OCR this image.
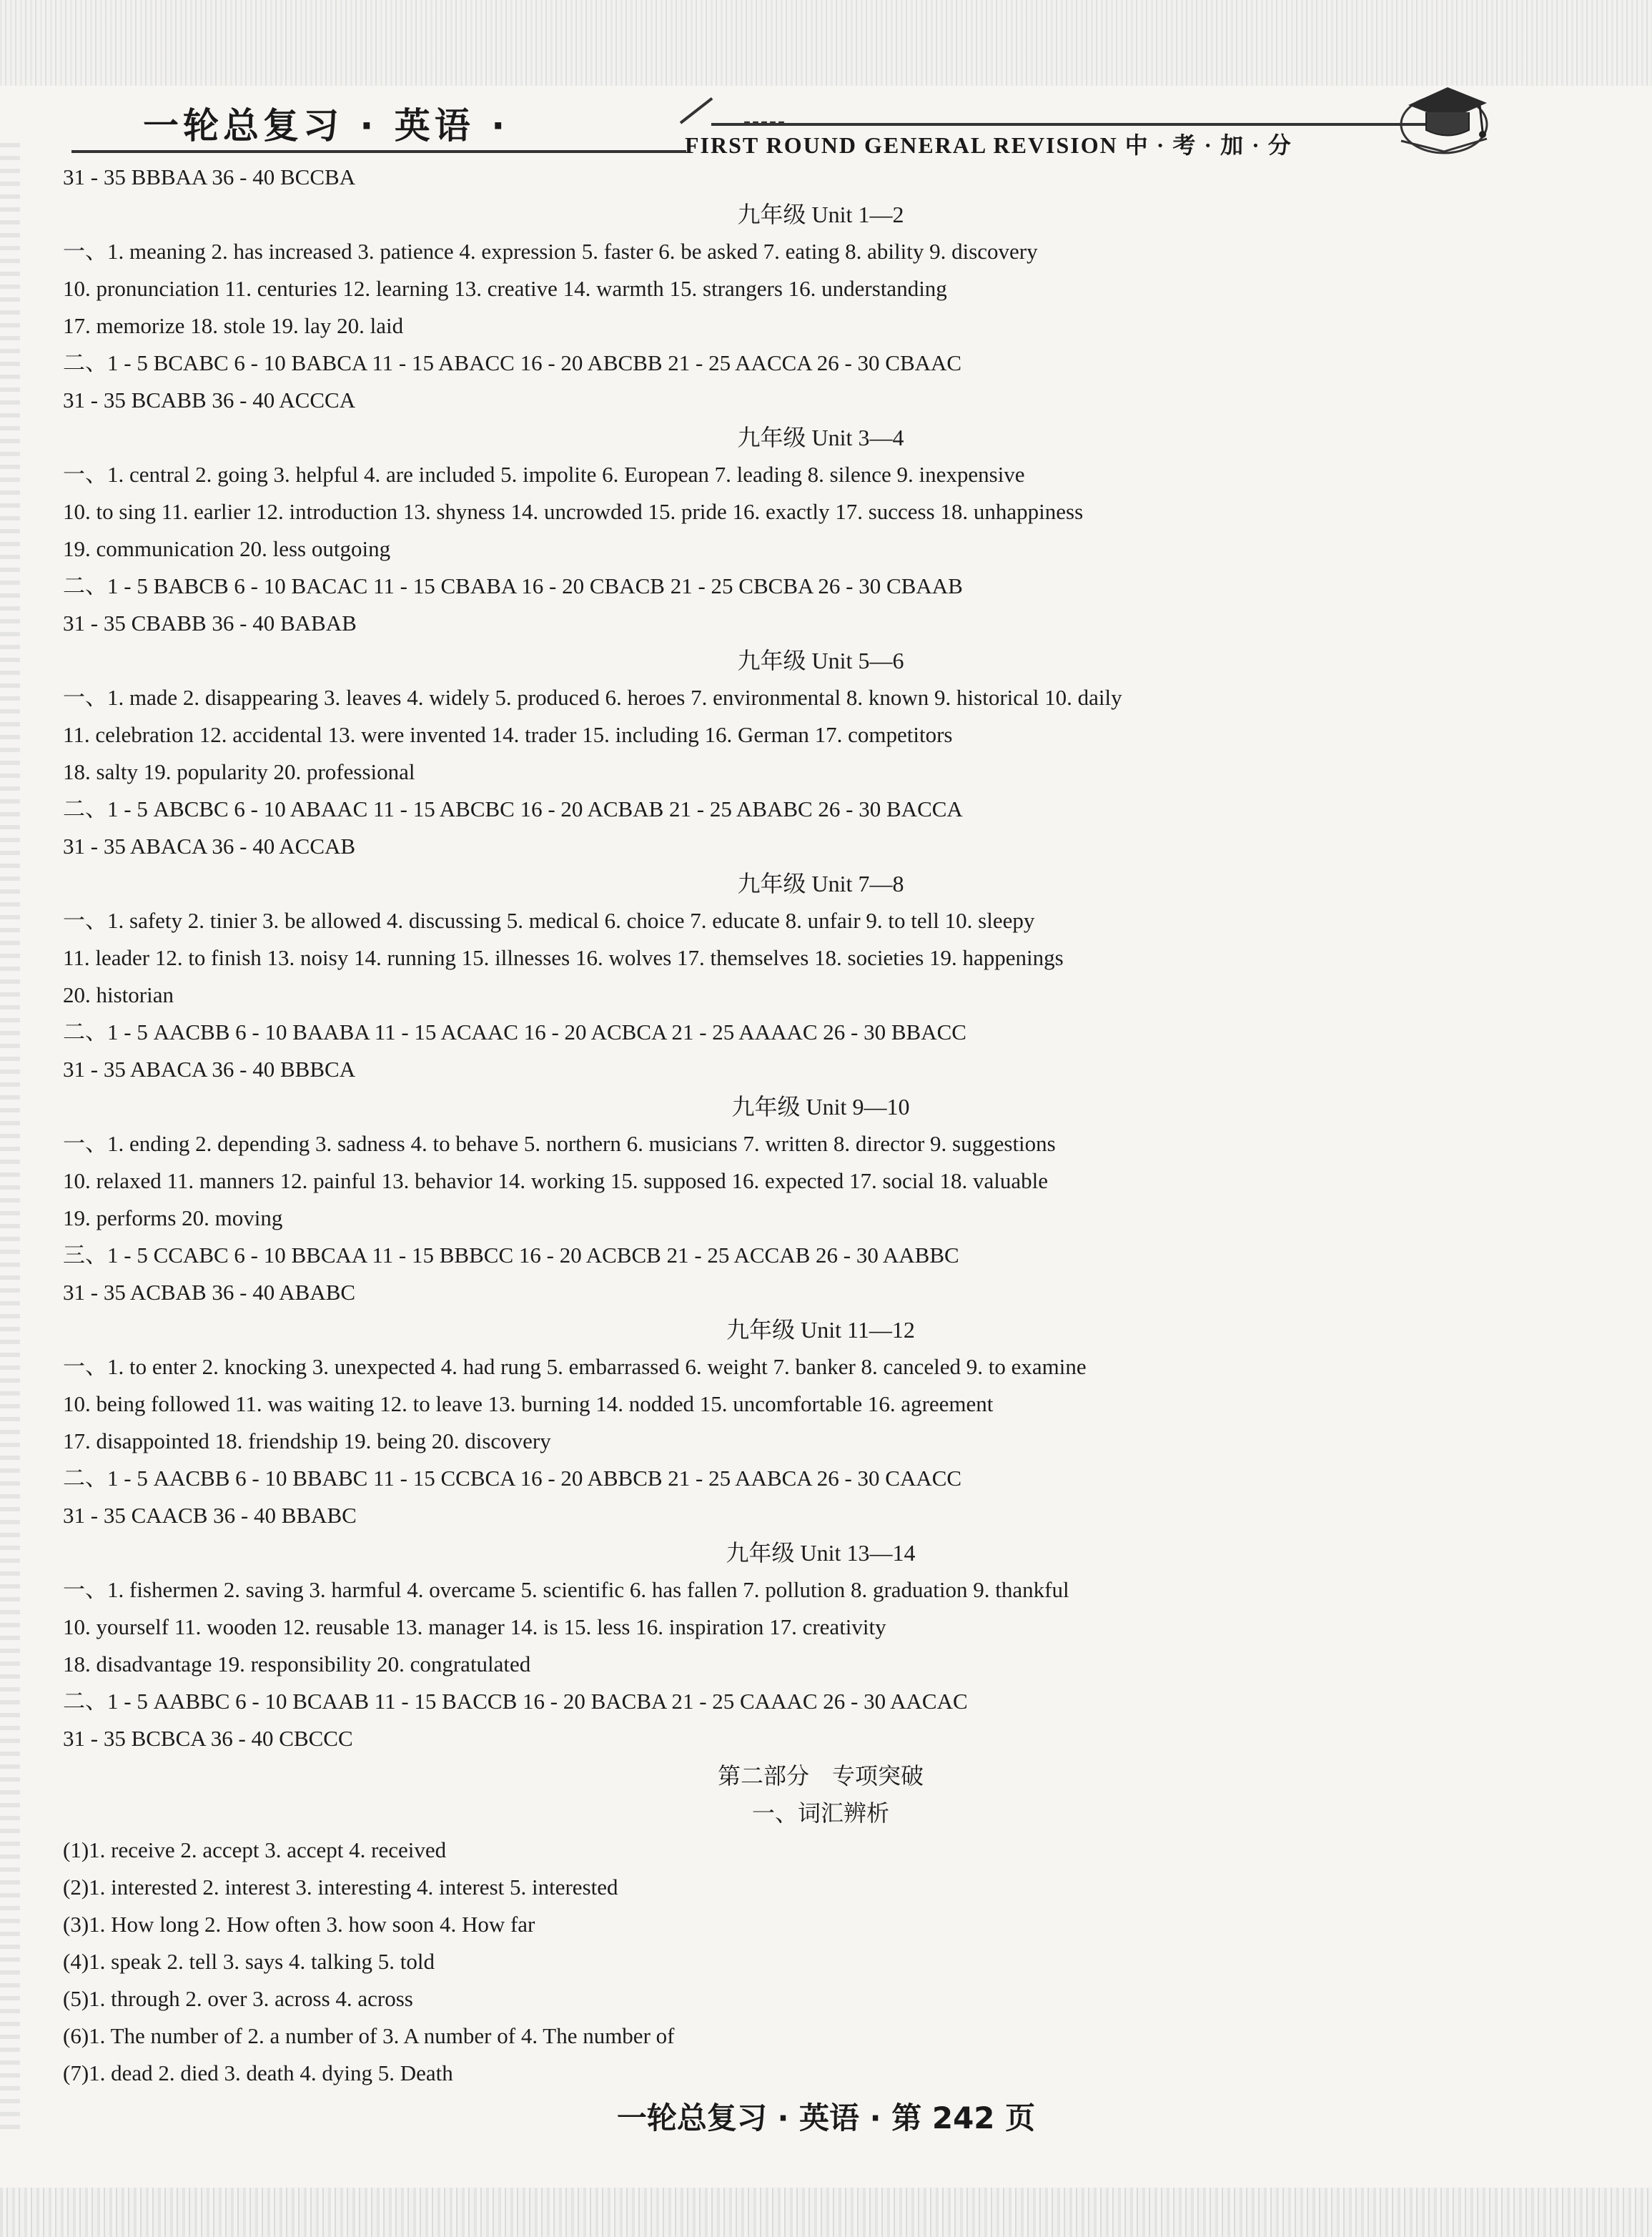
一轮总复习 · 英语 ·	-----
FIRST ROUND GENERAL REVISION 中 · 考 · 加 · 分
31 - 35 BBBAA 36 - 40 BCCBA
九年级 Unit 1—2
一、1. meaning 2. has increased 3. patience 4. expression 5. faster 6. be asked 7. eating 8. ability 9. discovery
10. pronunciation 11. centuries 12. learning 13. creative 14. warmth 15. strangers 16. understanding
17. memorize 18. stole 19. lay 20. laid
二、1 - 5 BCABC 6 - 10 BABCA 11 - 15 ABACC 16 - 20 ABCBB 21 - 25 AACCA 26 - 30 CBAAC
31 - 35 BCABB 36 - 40 ACCCA
九年级 Unit 3—4
一、1. central 2. going 3. helpful 4. are included 5. impolite 6. European 7. leading 8. silence 9. inexpensive
10. to sing 11. earlier 12. introduction 13. shyness 14. uncrowded 15. pride 16. exactly 17. success 18. unhappiness
19. communication 20. less outgoing
二、1 - 5 BABCB 6 - 10 BACAC 11 - 15 CBABA 16 - 20 CBACB 21 - 25 CBCBA 26 - 30 CBAAB
31 - 35 CBABB 36 - 40 BABAB
九年级 Unit 5—6
一、1. made 2. disappearing 3. leaves 4. widely 5. produced 6. heroes 7. environmental 8. known 9. historical 10. daily
11. celebration 12. accidental 13. were invented 14. trader 15. including 16. German 17. competitors
18. salty 19. popularity 20. professional
二、1 - 5 ABCBC 6 - 10 ABAAC 11 - 15 ABCBC 16 - 20 ACBAB 21 - 25 ABABC 26 - 30 BACCA
31 - 35 ABACA 36 - 40 ACCAB
九年级 Unit 7—8
一、1. safety 2. tinier 3. be allowed 4. discussing 5. medical 6. choice 7. educate 8. unfair 9. to tell 10. sleepy
11. leader 12. to finish 13. noisy 14. running 15. illnesses 16. wolves 17. themselves 18. societies 19. happenings
20. historian
二、1 - 5 AACBB 6 - 10 BAABA 11 - 15 ACAAC 16 - 20 ACBCA 21 - 25 AAAAC 26 - 30 BBACC
31 - 35 ABACA 36 - 40 BBBCA
九年级 Unit 9—10
一、1. ending 2. depending 3. sadness 4. to behave 5. northern 6. musicians 7. written 8. director 9. suggestions
10. relaxed 11. manners 12. painful 13. behavior 14. working 15. supposed 16. expected 17. social 18. valuable
19. performs 20. moving
三、1 - 5 CCABC 6 - 10 BBCAA 11 - 15 BBBCC 16 - 20 ACBCB 21 - 25 ACCAB 26 - 30 AABBC
31 - 35 ACBAB 36 - 40 ABABC
九年级 Unit 11—12
一、1. to enter 2. knocking 3. unexpected 4. had rung 5. embarrassed 6. weight 7. banker 8. canceled 9. to examine
10. being followed 11. was waiting 12. to leave 13. burning 14. nodded 15. uncomfortable 16. agreement
17. disappointed 18. friendship 19. being 20. discovery
二、1 - 5 AACBB 6 - 10 BBABC 11 - 15 CCBCA 16 - 20 ABBCB 21 - 25 AABCA 26 - 30 CAACC
31 - 35 CAACB 36 - 40 BBABC
九年级 Unit 13—14
一、1. fishermen 2. saving 3. harmful 4. overcame 5. scientific 6. has fallen 7. pollution 8. graduation 9. thankful
10. yourself 11. wooden 12. reusable 13. manager 14. is 15. less 16. inspiration 17. creativity
18. disadvantage 19. responsibility 20. congratulated
二、1 - 5 AABBC 6 - 10 BCAAB 11 - 15 BACCB 16 - 20 BACBA 21 - 25 CAAAC 26 - 30 AACAC
31 - 35 BCBCA 36 - 40 CBCCC
第二部分　专项突破
一、词汇辨析
(1)1. receive 2. accept 3. accept 4. received
(2)1. interested 2. interest 3. interesting 4. interest 5. interested
(3)1. How long 2. How often 3. how soon 4. How far
(4)1. speak 2. tell 3. says 4. talking 5. told
(5)1. through 2. over 3. across 4. across
(6)1. The number of 2. a number of 3. A number of 4. The number of
(7)1. dead 2. died 3. death 4. dying 5. Death
一轮总复习 · 英语 · 第 242 页
